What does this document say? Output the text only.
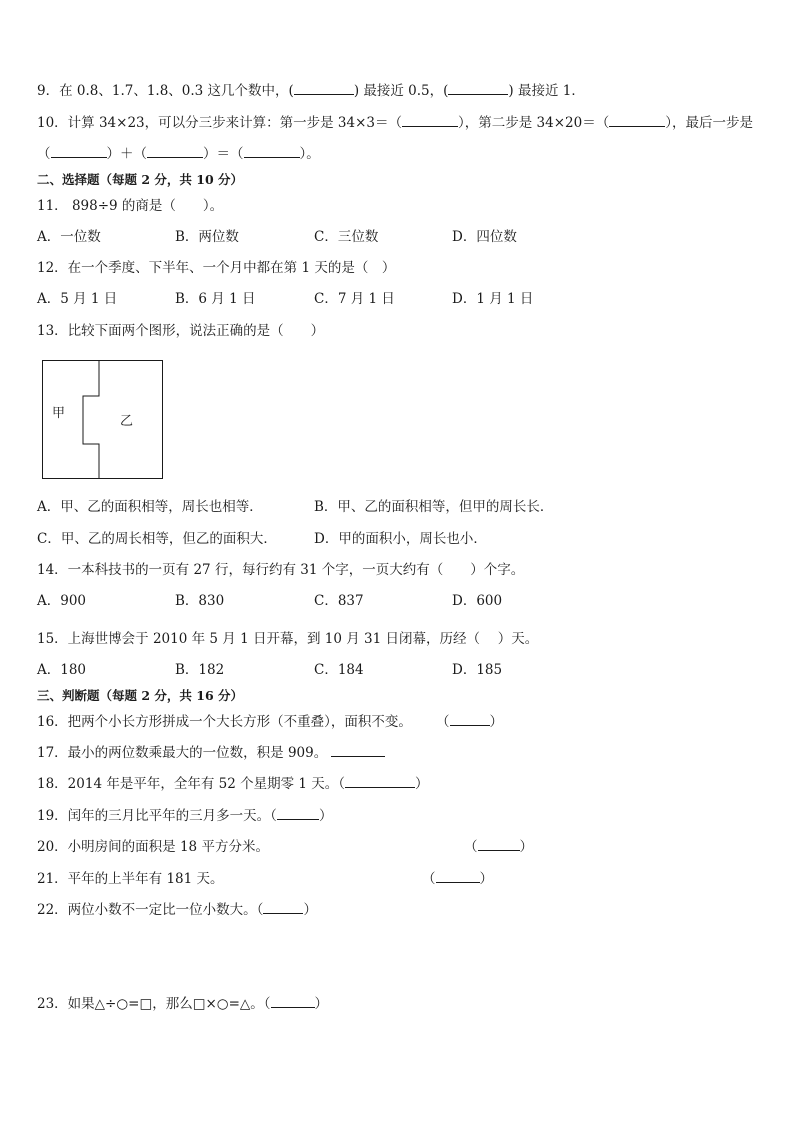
9．在 0.8、1.7、1.8、0.3 这几个数中，(	) 最接近 0.5，(	) 最接近 1．
10．计算 34×23，可以分三步来计算：第一步是 34×3＝（	），第二步是 34×20＝（	），最后一步是
（	）＋（	）＝（	）。
二、选择题（每题 2 分，共 10 分）
11． 898÷9 的商是（　　）。
A．一位数	B．两位数	C．三位数	D．四位数
12．在一个季度、下半年、一个月中都在第 1 天的是（　）
A．5 月 1 日	B．6 月 1 日	C．7 月 1 日	D．1 月 1 日
13．比较下面两个图形，说法正确的是（　　）
甲
乙
A．甲、乙的面积相等，周长也相等．	B．甲、乙的面积相等，但甲的周长长．
C．甲、乙的周长相等，但乙的面积大．	D．甲的面积小，周长也小．
14．一本科技书的一页有 27 行，每行约有 31 个字，一页大约有（　　）个字。
A．900	B．830	C．837	D．600
15．上海世博会于 2010 年 5 月 1 日开幕，到 10 月 31 日闭幕，历经（　 ）天。
A．180	B．182	C．184	D．185
三、判断题（每题 2 分，共 16 分）
16．把两个小长方形拼成一个大长方形（不重叠），面积不变。 （	）
17．最小的两位数乘最大的一位数，积是 909。
18．2014 年是平年，全年有 52 个星期零 1 天。（	）
19．闰年的三月比平年的三月多一天。（	）
20．小明房间的面积是 18 平方分米。	（	）
21．平年的上半年有 181 天。	（	）
22．两位小数不一定比一位小数大。（	）
23．如果△÷○=□，那么□×○=△。（	）
